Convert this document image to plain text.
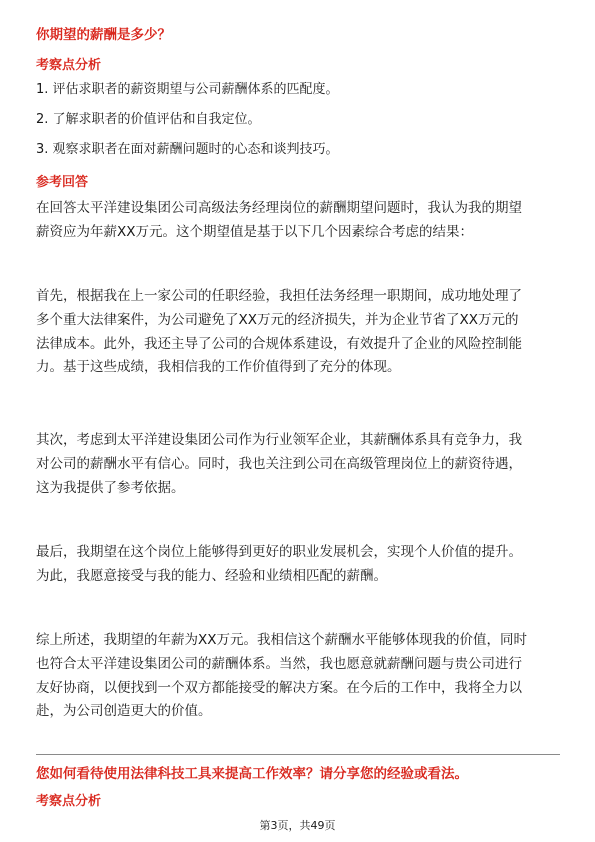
你期望的薪酬是多少？
考察点分析
1. 评估求职者的薪资期望与公司薪酬体系的匹配度。
2. 了解求职者的价值评估和自我定位。
3. 观察求职者在面对薪酬问题时的心态和谈判技巧。
参考回答
在回答太平洋建设集团公司高级法务经理岗位的薪酬期望问题时，我认为我的期望
薪资应为年薪XX万元。这个期望值是基于以下几个因素综合考虑的结果：
首先，根据我在上一家公司的任职经验，我担任法务经理一职期间，成功地处理了
多个重大法律案件，为公司避免了XX万元的经济损失，并为企业节省了XX万元的
法律成本。此外，我还主导了公司的合规体系建设，有效提升了企业的风险控制能
力。基于这些成绩，我相信我的工作价值得到了充分的体现。
其次，考虑到太平洋建设集团公司作为行业领军企业，其薪酬体系具有竞争力，我
对公司的薪酬水平有信心。同时，我也关注到公司在高级管理岗位上的薪资待遇，
这为我提供了参考依据。
最后，我期望在这个岗位上能够得到更好的职业发展机会，实现个人价值的提升。
为此，我愿意接受与我的能力、经验和业绩相匹配的薪酬。
综上所述，我期望的年薪为XX万元。我相信这个薪酬水平能够体现我的价值，同时
也符合太平洋建设集团公司的薪酬体系。当然，我也愿意就薪酬问题与贵公司进行
友好协商，以便找到一个双方都能接受的解决方案。在今后的工作中，我将全力以
赴，为公司创造更大的价值。
您如何看待使用法律科技工具来提高工作效率？请分享您的经验或看法。
考察点分析
第3页，共49页
